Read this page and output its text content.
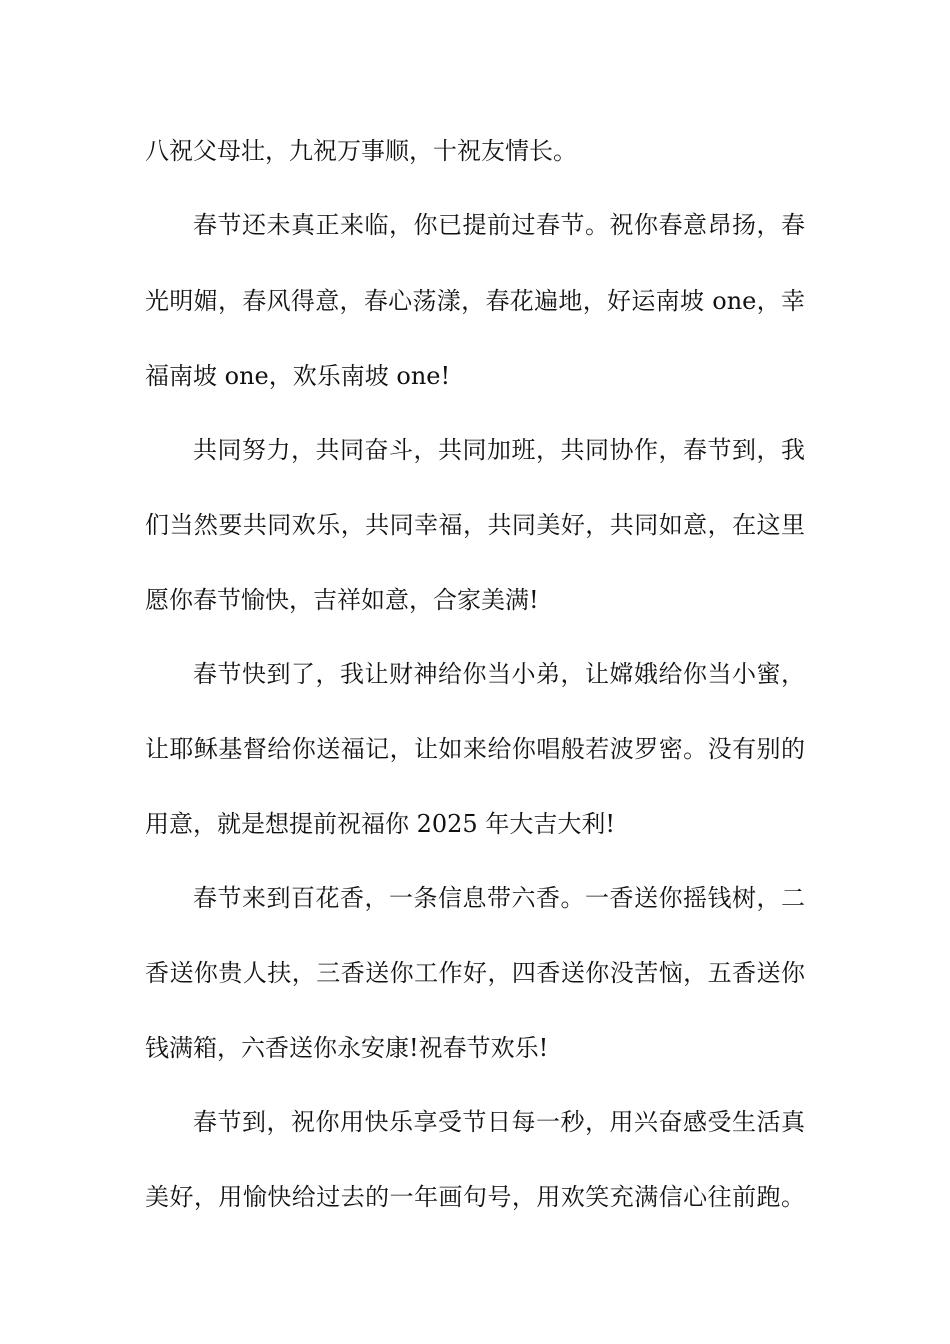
八祝父母壮，九祝万事顺，十祝友情长。
春节还未真正来临，你已提前过春节。祝你春意昂扬，春
光明媚，春风得意，春心荡漾，春花遍地，好运南坡 one，幸
福南坡 one，欢乐南坡 one!
共同努力，共同奋斗，共同加班，共同协作，春节到，我
们当然要共同欢乐，共同幸福，共同美好，共同如意，在这里
愿你春节愉快，吉祥如意，合家美满!
春节快到了，我让财神给你当小弟，让嫦娥给你当小蜜，
让耶稣基督给你送福记，让如来给你唱般若波罗密。没有别的
用意，就是想提前祝福你 2025 年大吉大利!
春节来到百花香，一条信息带六香。一香送你摇钱树，二
香送你贵人扶，三香送你工作好，四香送你没苦恼，五香送你
钱满箱，六香送你永安康!祝春节欢乐!
春节到，祝你用快乐享受节日每一秒，用兴奋感受生活真
美好，用愉快给过去的一年画句号，用欢笑充满信心往前跑。
